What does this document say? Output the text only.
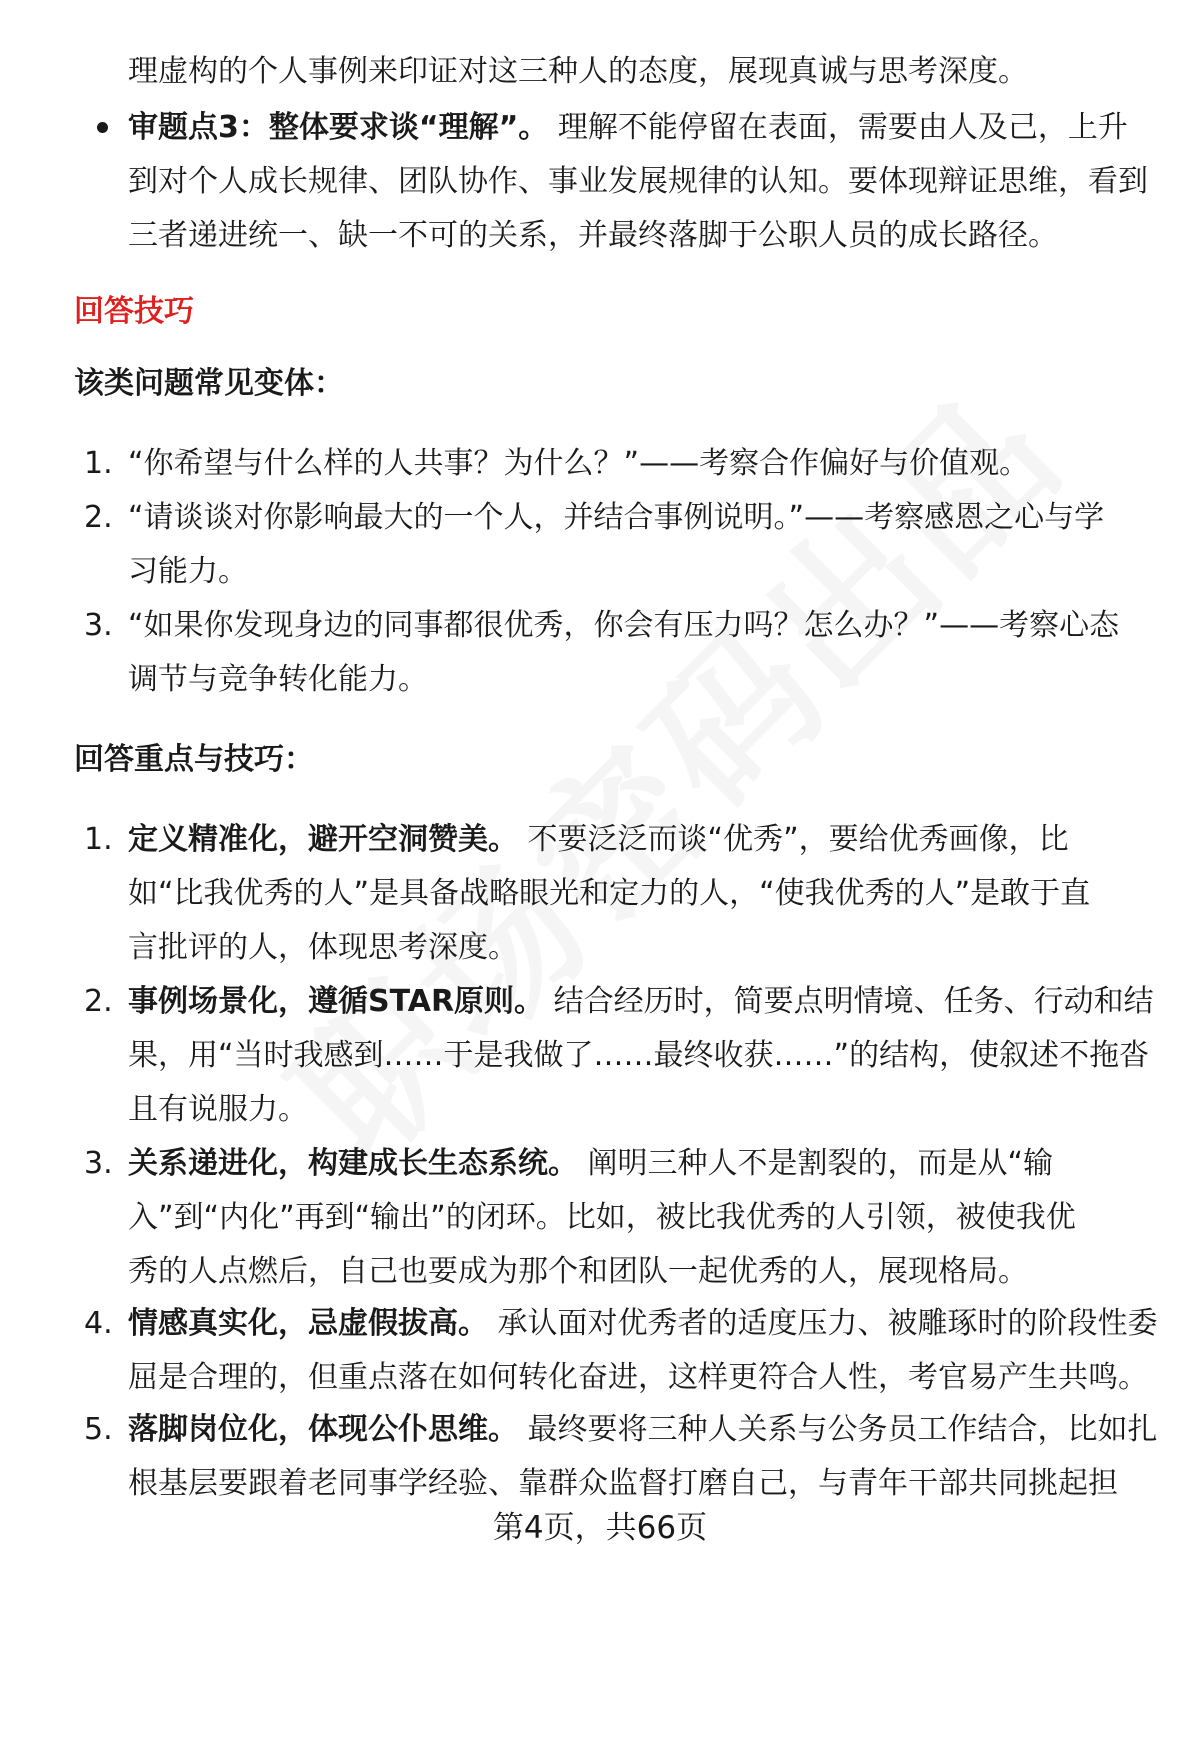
理虚构的个人事例来印证对这三种人的态度，展现真诚与思考深度。
审题点3：整体要求谈“理解”。 理解不能停留在表面，需要由人及己，上升
到对个人成长规律、团队协作、事业发展规律的认知。要体现辩证思维，看到
三者递进统一、缺一不可的关系，并最终落脚于公职人员的成长路径。
回答技巧
该类问题常见变体：
1. “你希望与什么样的人共事？为什么？”——考察合作偏好与价值观。
2. “请谈谈对你影响最大的一个人，并结合事例说明。”——考察感恩之心与学
习能力。
3. “如果你发现身边的同事都很优秀，你会有压力吗？怎么办？”——考察心态
调节与竞争转化能力。
回答重点与技巧：
1. 定义精准化，避开空洞赞美。 不要泛泛而谈“优秀”，要给优秀画像，比
如“比我优秀的人”是具备战略眼光和定力的人，“使我优秀的人”是敢于直
言批评的人，体现思考深度。
2. 事例场景化，遵循STAR原则。 结合经历时，简要点明情境、任务、行动和结
果，用“当时我感到……于是我做了……最终收获……”的结构，使叙述不拖沓
且有说服力。
3. 关系递进化，构建成长生态系统。 阐明三种人不是割裂的，而是从“输
入”到“内化”再到“输出”的闭环。比如，被比我优秀的人引领，被使我优
秀的人点燃后，自己也要成为那个和团队一起优秀的人，展现格局。
4. 情感真实化，忌虚假拔高。 承认面对优秀者的适度压力、被雕琢时的阶段性委
屈是合理的，但重点落在如何转化奋进，这样更符合人性，考官易产生共鸣。
5. 落脚岗位化，体现公仆思维。 最终要将三种人关系与公务员工作结合，比如扎
根基层要跟着老同事学经验、靠群众监督打磨自己，与青年干部共同挑起担
第4页，共66页
